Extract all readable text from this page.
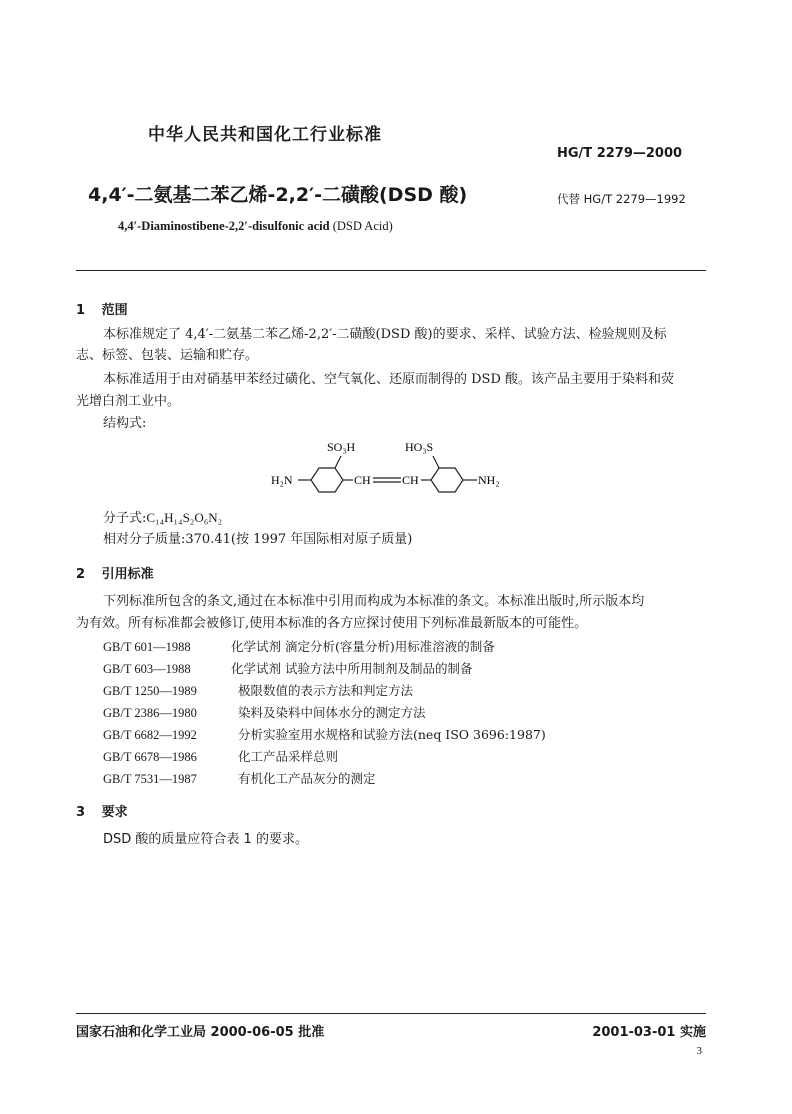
中华人民共和国化工行业标准
HG/T 2279—2000
4,4′-二氨基二苯乙烯-2,2′-二磺酸(DSD 酸)	代替 HG/T 2279—1992
4,4′-Diaminostibene-2,2′-disulfonic acid (DSD Acid)
1 范围
本标准规定了 4,4′-二氨基二苯乙烯-2,2′-二磺酸(DSD 酸)的要求、采样、试验方法、检验规则及标
志、标签、包装、运输和贮存。
本标准适用于由对硝基甲苯经过磺化、空气氧化、还原而制得的 DSD 酸。该产品主要用于染料和荧
光增白剂工业中。
结构式:
SO₃H	HO₃S
H₂N	CH	CH	NH₂
分子式:C₁₄H₁₄S₂O₆N₂
相对分子质量:370.41(按 1997 年国际相对原子质量)
2 引用标准
下列标准所包含的条文,通过在本标准中引用而构成为本标准的条文。本标准出版时,所示版本均
为有效。所有标准都会被修订,使用本标准的各方应探讨使用下列标准最新版本的可能性。
GB/T 601—1988	化学试剂 滴定分析(容量分析)用标准溶液的制备
GB/T 603—1988	化学试剂 试验方法中所用制剂及制品的制备
GB/T 1250—1989	极限数值的表示方法和判定方法
GB/T 2386—1980	染料及染料中间体水分的测定方法
GB/T 6682—1992	分析实验室用水规格和试验方法(neq ISO 3696:1987)
GB/T 6678—1986	化工产品采样总则
GB/T 7531—1987	有机化工产品灰分的测定
3 要求
DSD 酸的质量应符合表 1 的要求。
国家石油和化学工业局 2000-06-05 批准	2001-03-01 实施
3
